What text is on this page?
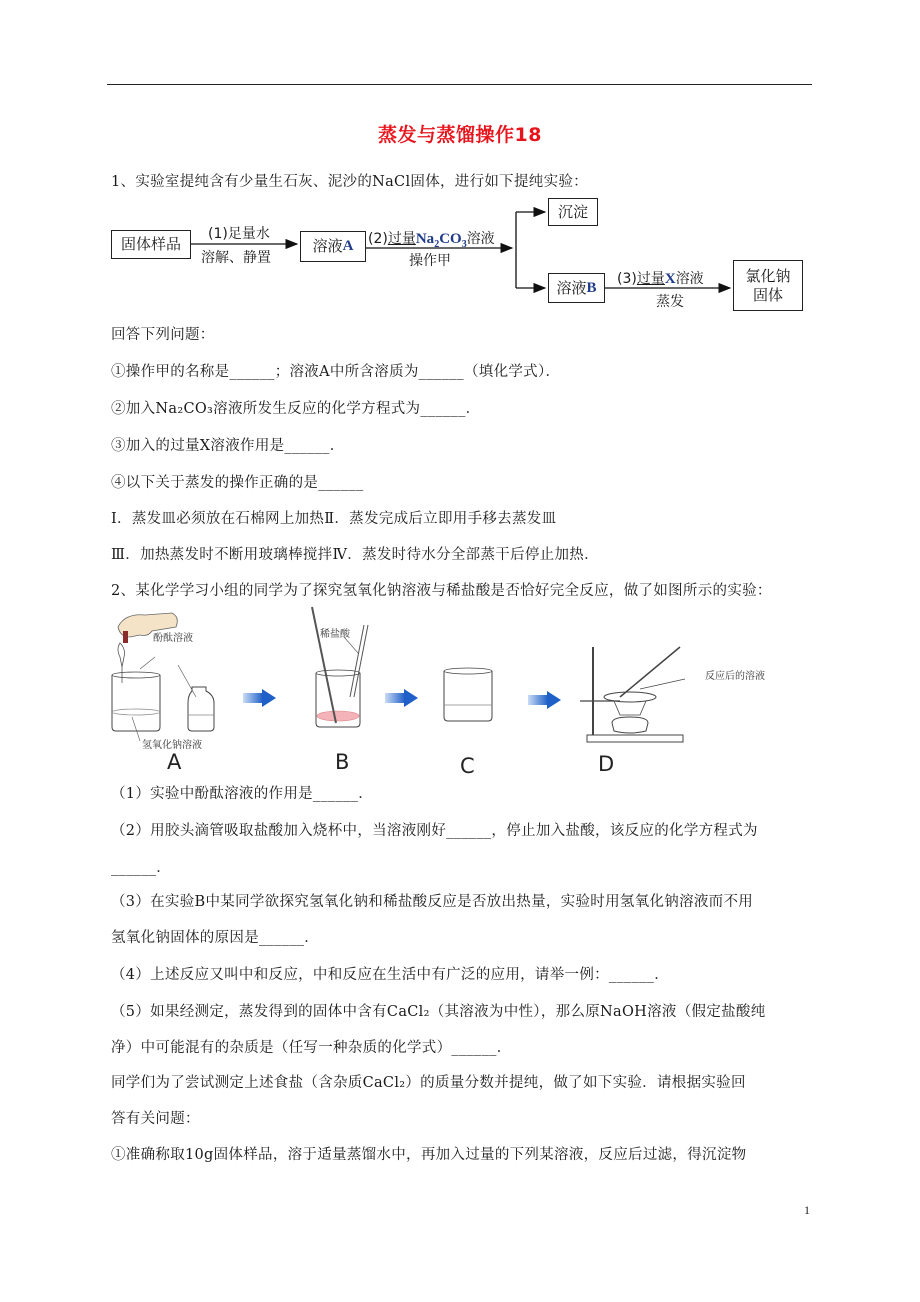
蒸发与蒸馏操作18
1、实验室提纯含有少量生石灰、泥沙的NaCl固体，进行如下提纯实验：
固体样品
(1)足量水
溶解、静置
溶液 A (2)过量$Na_2CO_3$溶液
操作甲
沉淀
溶液 B
(3)过量X溶液
蒸发
氯化钠
固体
回答下列问题：
①操作甲的名称是______；溶液A中所含溶质为______（填化学式）．
②加入Na₂CO₃溶液所发生反应的化学方程式为______．
③加入的过量X溶液作用是______．
④以下关于蒸发的操作正确的是______
Ⅰ．蒸发皿必须放在石棉网上加热Ⅱ．蒸发完成后立即用手移去蒸发皿
Ⅲ．加热蒸发时不断用玻璃棒搅拌Ⅳ．蒸发时待水分全部蒸干后停止加热．
2、某化学学习小组的同学为了探究氢氧化钠溶液与稀盐酸是否恰好完全反应，做了如图所示的实验：
酚酞溶液
氢氧化钠溶液
稀盐酸
反应后的溶液
A	B	C	D
（1）实验中酚酞溶液的作用是______．
（2）用胶头滴管吸取盐酸加入烧杯中，当溶液刚好______，停止加入盐酸，该反应的化学方程式为
______．
（3）在实验B中某同学欲探究氢氧化钠和稀盐酸反应是否放出热量，实验时用氢氧化钠溶液而不用
氢氧化钠固体的原因是______．
（4）上述反应又叫中和反应，中和反应在生活中有广泛的应用，请举一例：______．
（5）如果经测定，蒸发得到的固体中含有CaCl₂（其溶液为中性），那么原NaOH溶液（假定盐酸纯
净）中可能混有的杂质是（任写一种杂质的化学式）______．
同学们为了尝试测定上述食盐（含杂质CaCl₂）的质量分数并提纯，做了如下实验．请根据实验回
答有关问题：
①准确称取10g固体样品，溶于适量蒸馏水中，再加入过量的下列某溶液，反应后过滤，得沉淀物
1
